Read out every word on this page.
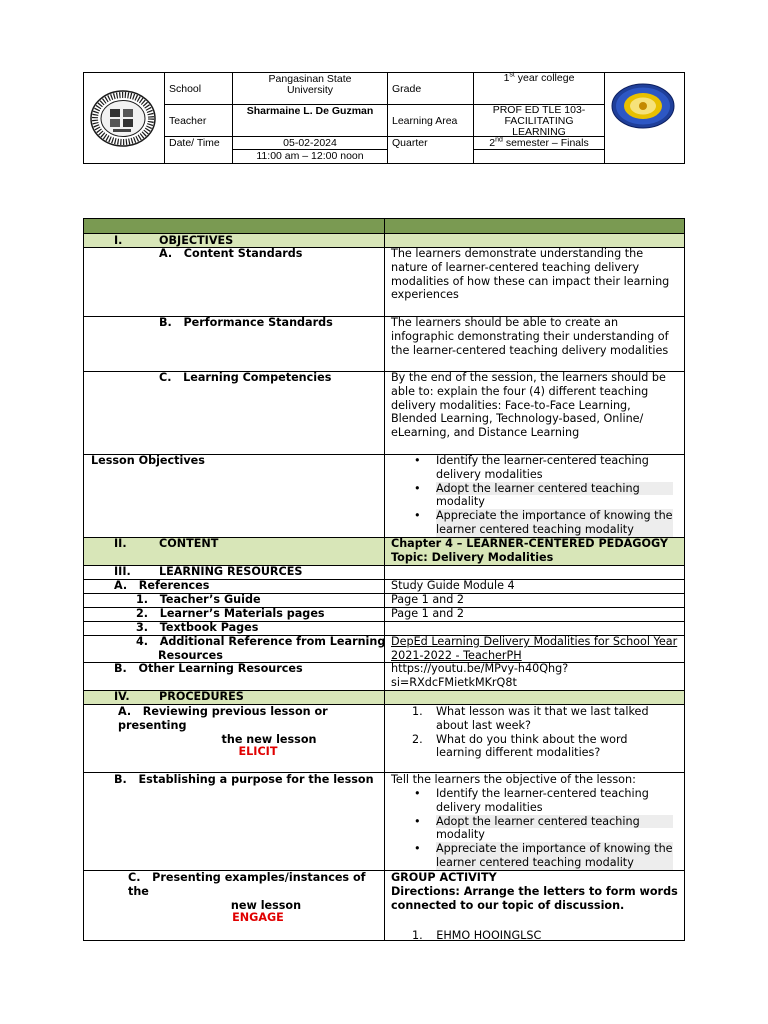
School
Pangasinan State
University	Grade
1st year college
Teacher
Sharmaine L. De Guzman
Learning Area
PROF ED TLE 103-
FACILITATING
LEARNING
Date/ Time	05-02-2024
11:00 am – 12:00 noon
Quarter	2nd semester – Finals
I.	OBJECTIVES
A.   Content Standards	The learners demonstrate understanding the
nature of learner-centered teaching delivery
modalities of how these can impact their learning
experiences
B.   Performance Standards	The learners should be able to create an
infographic demonstrating their understanding of
the learner-centered teaching delivery modalities
C.   Learning Competencies	By the end of the session, the learners should be
able to: explain the four (4) different teaching
delivery modalities: Face-to-Face Learning,
Blended Learning, Technology-based, Online/
eLearning, and Distance Learning
Lesson Objectives
•	Identify the learner-centered teaching
delivery modalities
• Adopt the learner centered teaching
modality
• Appreciate the importance of knowing the
learner centered teaching modality
II.	CONTENT	Chapter 4 – LEARNER-CENTERED PEDAGOGY
Topic: Delivery Modalities
III.	LEARNING RESOURCES
A.   References	Study Guide Module 4
1.   Teacher’s Guide	Page 1 and 2
2.   Learner’s Materials pages	Page 1 and 2
3.   Textbook Pages
4.   Additional Reference from Learning
Resources
DepEd Learning Delivery Modalities for School Year
2021-2022 - TeacherPH
B.   Other Learning Resources	https://youtu.be/MPvy-h40Qhg?
si=RXdcFMietkMKrQ8t
IV.	PROCEDURES
A.   Reviewing previous lesson or presenting
the new lesson
ELICIT
1. What lesson was it that we last talked
about last week?
2. What do you think about the word
learning different modalities?
B.   Establishing a purpose for the lesson Tell the learners the objective of the lesson:
• Identify the learner-centered teaching
delivery modalities
• Adopt the learner centered teaching
modality
• Appreciate the importance of knowing the
learner centered teaching modality
C.   Presenting examples/instances of the
new lesson
ENGAGE
GROUP ACTIVITY
Directions: Arrange the letters to form words
connected to our topic of discussion.
1. EHMO HOOINGLSC
